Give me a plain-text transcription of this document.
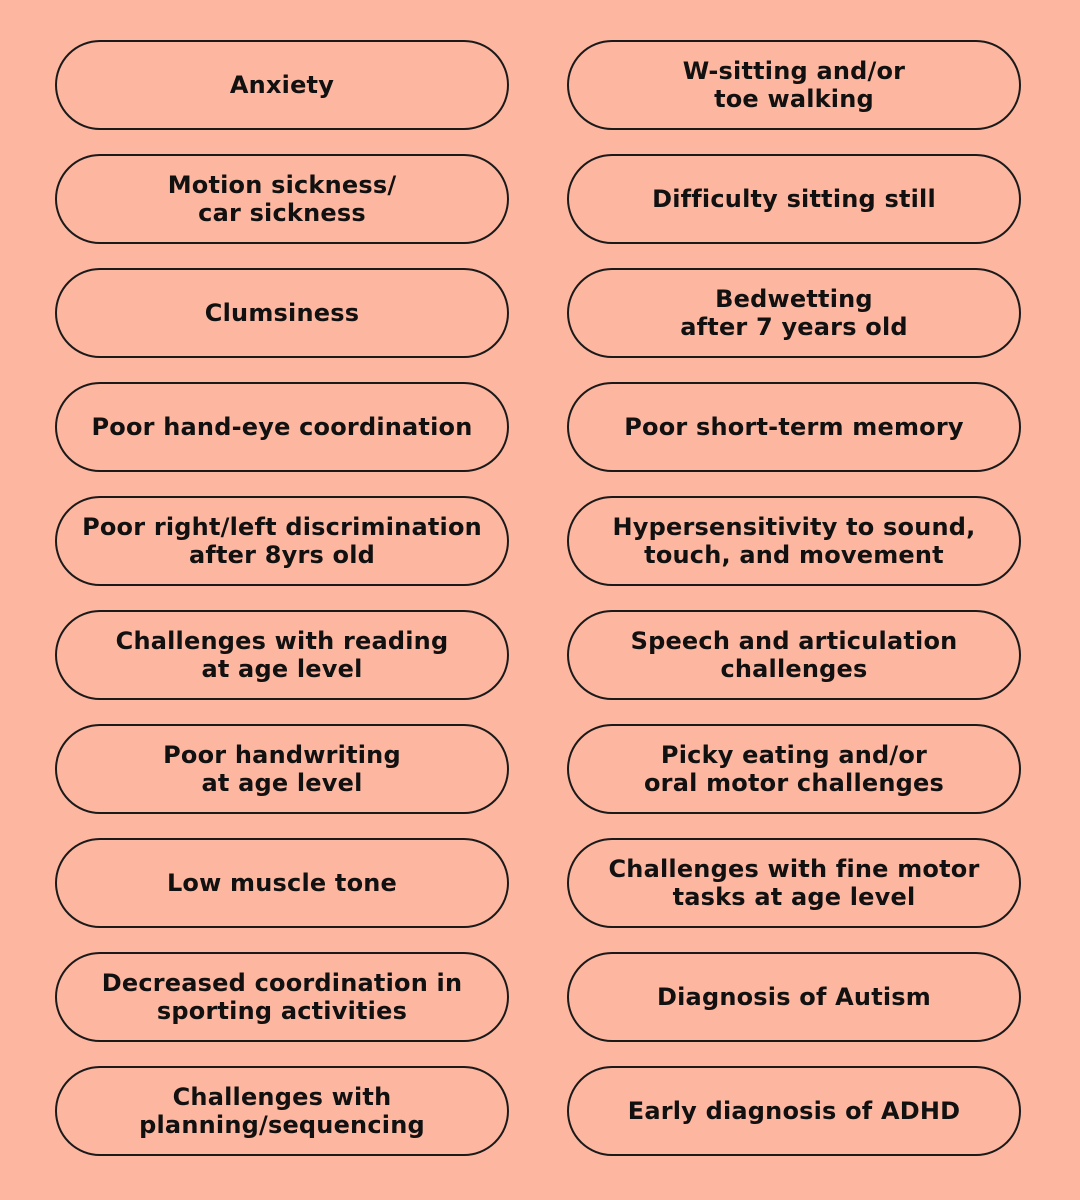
Anxiety	W-sitting and/or
toe walking
Motion sickness/
car sickness	Difficulty sitting still
Clumsiness	Bedwetting
after 7 years old
Poor hand-eye coordination	Poor short-term memory
Poor right/left discrimination
after 8yrs old
Hypersensitivity to sound,
touch, and movement
Challenges with reading
at age level
Speech and articulation
challenges
Poor handwriting
at age level
Picky eating and/or
oral motor challenges
Low muscle tone	Challenges with fine motor
tasks at age level
Decreased coordination in
sporting activities	Diagnosis of Autism
Challenges with
planning/sequencing	Early diagnosis of ADHD
